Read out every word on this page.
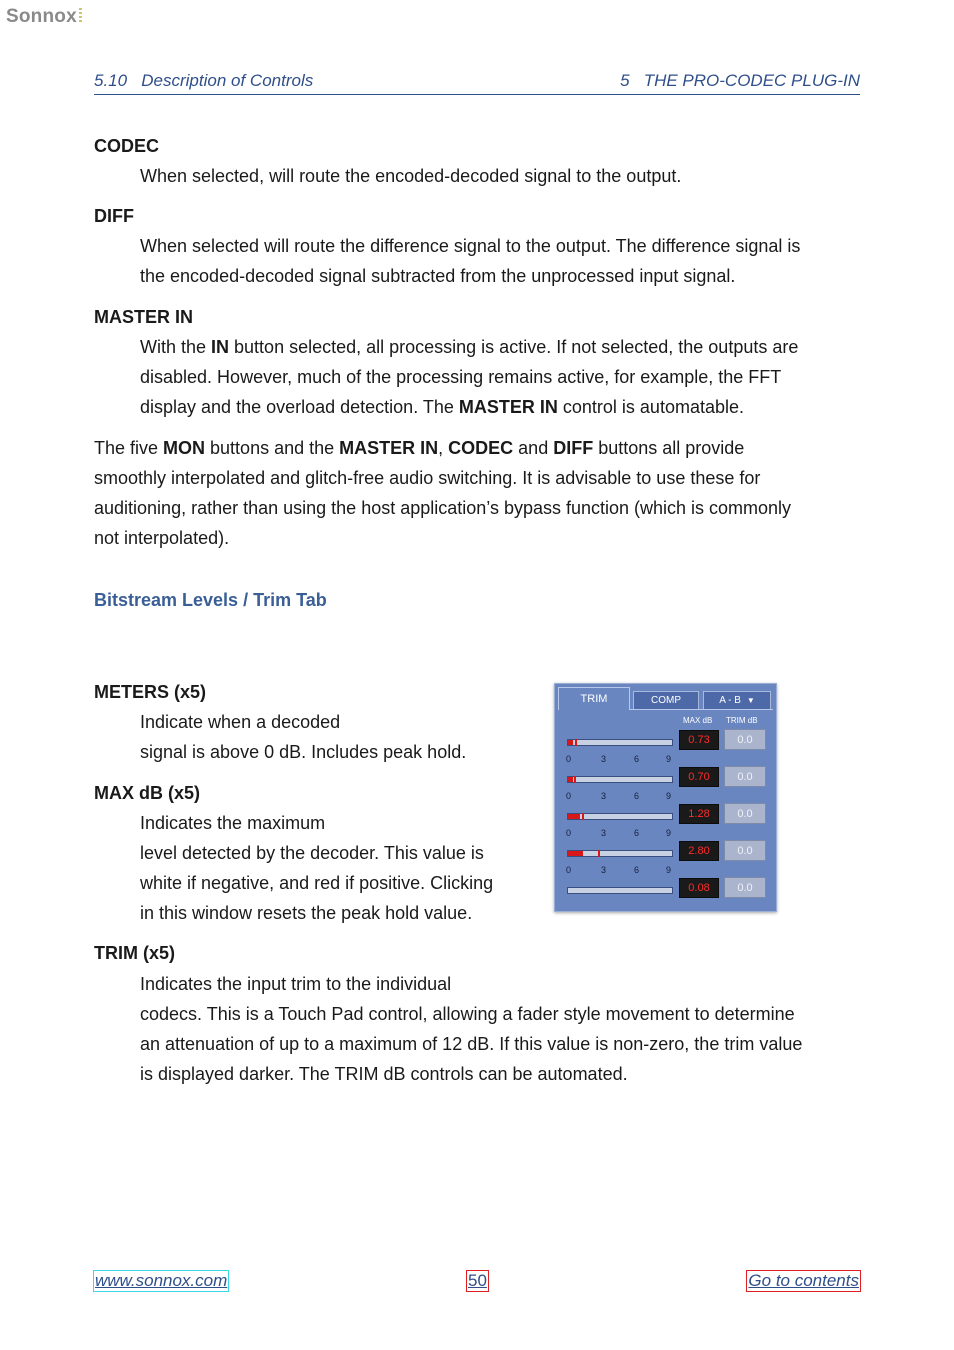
Sonnox
5.10   Description of Controls	5   THE PRO-CODEC PLUG-IN
CODEC
When selected, will route the encoded-decoded signal to the output.
DIFF
When selected will route the difference signal to the output. The difference signal is
the encoded-decoded signal subtracted from the unprocessed input signal.
MASTER IN
With the IN button selected, all processing is active. If not selected, the outputs are
disabled. However, much of the processing remains active, for example, the FFT
display and the overload detection. The MASTER IN control is automatable.
The five MON buttons and the MASTER IN, CODEC and DIFF buttons all provide
smoothly interpolated and glitch-free audio switching. It is advisable to use these for
auditioning, rather than using the host application’s bypass function (which is commonly
not interpolated).
Bitstream Levels / Trim Tab
METERS (x5)
Indicate when a decoded
signal is above 0 dB. Includes peak hold.
MAX dB (x5)
Indicates the maximum
level detected by the decoder. This value is
white if negative, and red if positive. Clicking
in this window resets the peak hold value.
TRIM (x5)
Indicates the input trim to the individual
codecs. This is a Touch Pad control, allowing a fader style movement to determine
an attenuation of up to a maximum of 12 dB. If this value is non-zero, the trim value
is displayed darker. The TRIM dB controls can be automated.
TRIM	COMP	A - B ▼
MAX dB TRIM dB
0	3	6	9
0.73	0.0
0	3	6	9
0.70	0.0
0	3	6	9
1.28	0.0
0	3	6	9
2.80	0.0
0.08	0.0
www.sonnox.com	50	Go to contents
